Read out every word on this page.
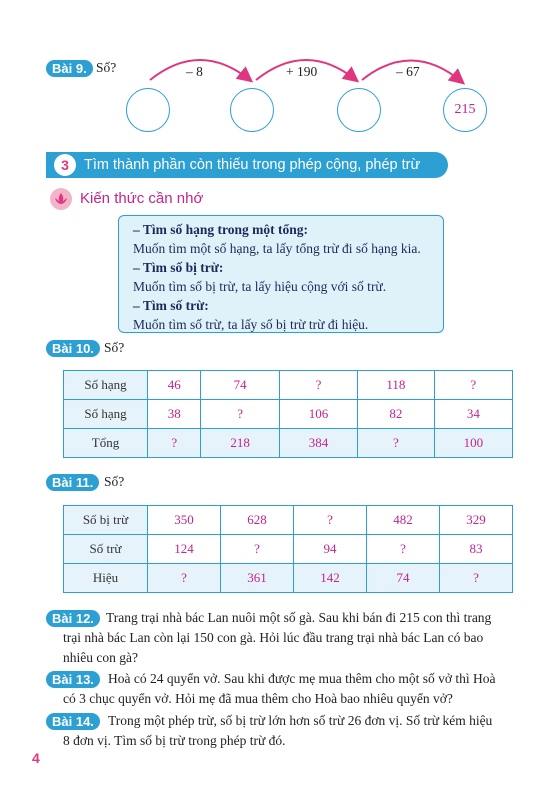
Bài 9. Số?	– 8	+ 190	– 67
215
3	Tìm thành phần còn thiếu trong phép cộng, phép trừ
Kiến thức cần nhớ
– Tìm số hạng trong một tổng:
Muốn tìm một số hạng, ta lấy tổng trừ đi số hạng kia.
– Tìm số bị trừ:
Muốn tìm số bị trừ, ta lấy hiệu cộng với số trừ.
– Tìm số trừ:
Muốn tìm số trừ, ta lấy số bị trừ trừ đi hiệu.
Bài 10. Số?
Số hạng	46	74	?	118	?
Số hạng	38	?	106	82	34
Tổng	?	218	384	?	100
Bài 11. Số?
Số bị trừ	350	628	?	482	329
Số trừ	124	?	94	?	83
Hiệu	?	361	142	74	?
Bài 12. Trang trại nhà bác Lan nuôi một số gà. Sau khi bán đi 215 con thì trang
trại nhà bác Lan còn lại 150 con gà. Hỏi lúc đầu trang trại nhà bác Lan có bao
nhiêu con gà?
Bài 13.	Hoà có 24 quyển vở. Sau khi được mẹ mua thêm cho một số vở thì Hoà
có 3 chục quyển vở. Hỏi mẹ đã mua thêm cho Hoà bao nhiêu quyển vở?
Bài 14.	Trong một phép trừ, số bị trừ lớn hơn số trừ 26 đơn vị. Số trừ kém hiệu
8 đơn vị. Tìm số bị trừ trong phép trừ đó.
4
